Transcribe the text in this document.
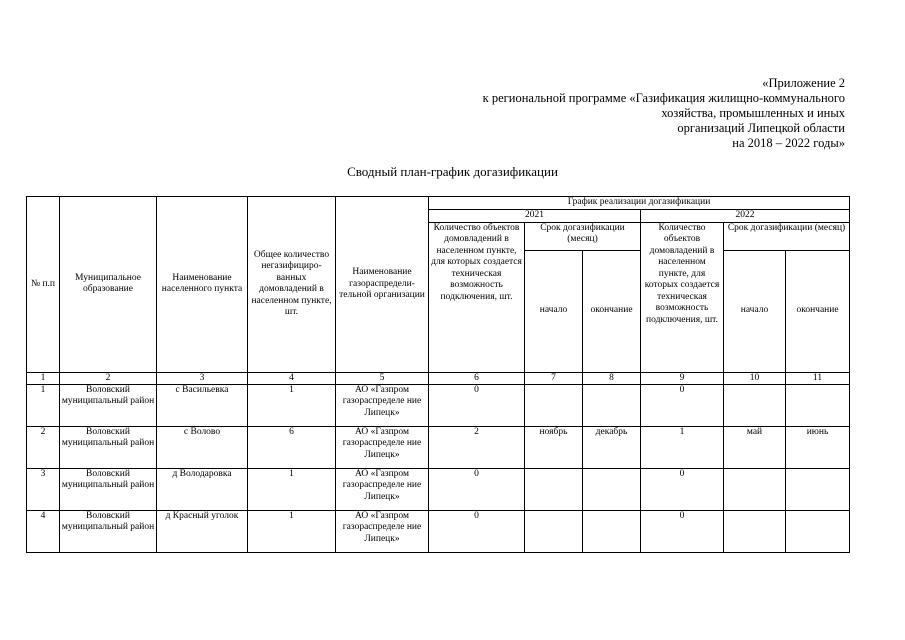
«Приложение 2
к региональной программе «Газификация жилищно-коммунального
хозяйства, промышленных и иных
организаций Липецкой области
на 2018 – 2022 годы»
Сводный план-график догазификации
№ п.п	Муниципальное образование	Наименование населенного пункта	Общее количество негазифициро-ванных домовладений в населенном пункте, шт.	Наименование газораспредели-тельной организации	График реализации догазификации					
					2021			2022		
					Количество объектов домовладений в населенном пункте, для которых создается техническая возможность подключения, шт.	Срок догазификации (месяц)		Количество объектов домовладений в населенном пункте, для которых создается техническая возможность подключения, шт.	Срок догазификации (месяц)	
						начало	окончание		начало	окончание
1	2	3	4	5	6	7	8	9	10	11
1	Воловский муниципальный район	с Васильевка	1	АО «Газпром газораспределе ние Липецк»	0			0		
2	Воловский муниципальный район	с Волово	6	АО «Газпром газораспределе ние Липецк»	2	ноябрь	декабрь	1	май	июнь
3	Воловский муниципальный район	д Володаровка	1	АО «Газпром газораспределе ние Липецк»	0			0		
4	Воловский муниципальный район	д Красный уголок	1	АО «Газпром газораспределе ние Липецк»	0			0		
